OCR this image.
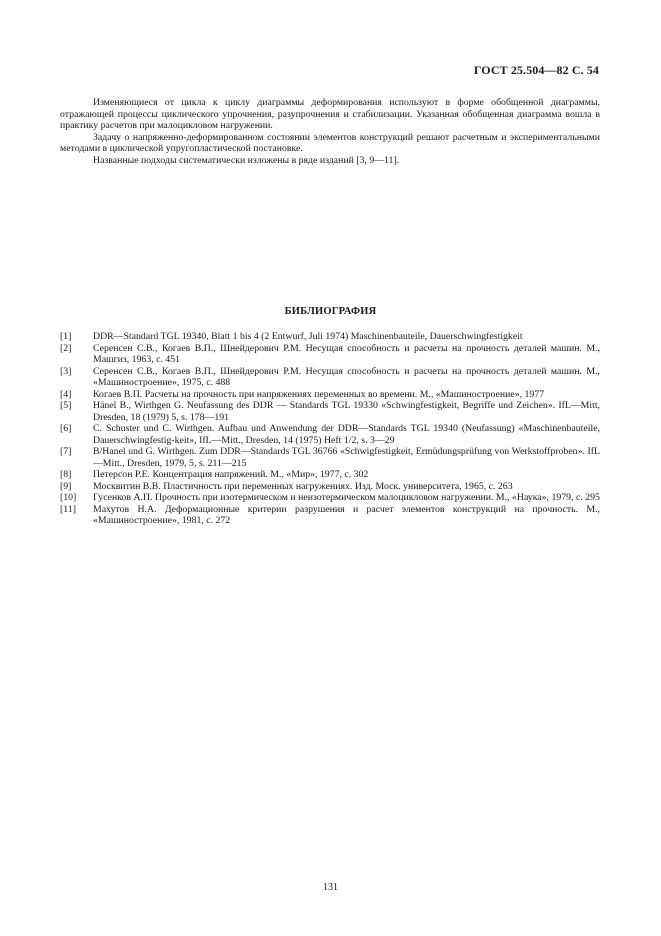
ГОСТ 25.504—82 С. 54

Изменяющиеся от цикла к циклу диаграммы деформирования используют в форме обобщенной диаграммы, отражающей процессы циклического упрочнения, разупрочнения и стабилизации. Указанная обобщенная диаграмма вошла в практику расчетов при малоцикловом нагружении.

Задачу о напряженно-деформированном состоянии элементов конструкций решают расчетным и экспериментальными методами в циклической упругопластической постановке.

Названные подходы систематически изложены в ряде изданий [3, 9—11].

БИБЛИОГРАФИЯ
[1]	DDR—Standard TGL 19340, Blatt 1 bis 4 (2 Entwurf, Juli 1974) Maschinenbauteile, Dauerschwingfestigkeit
[2]	Серенсен С.В., Когаев В.П., Шнейдерович Р.М. Несущая способность и расчеты на прочность деталей машин. М., Машгиз, 1963, с. 451
[3]	Серенсен С.В., Когаев В.П., Шнейдерович Р.М. Несущая способность и расчеты на прочность деталей машин. М., «Машиностроение», 1975, с. 488
[4]	Когаев В.П. Расчеты на прочность при напряжениях переменных во времени. М., «Машиностроение», 1977
[5]	Hänel B., Wirthgen G. Neufassung des DDR — Standards TGL 19330 «Schwingfestigkeit, Begriffe und Zeichen». IfL—Mitt, Dresden, 18 (1979) 5, s. 178—191
[6]	C. Schuster und C. Wirthgen. Aufbau und Anwendung der DDR—Standards TGL 19340 (Neufassung) «Maschinenbauteile, Dauerschwingfestig-keit», IfL—Mitt., Dresden, 14 (1975) Heft 1/2, s. 3—29
[7]	B/Hanel und G. Wirthgen. Zum DDR—Standards TGL 36766 «Schwigfestigkeit, Ermüdungsprüfung von Werkstoffproben». IfL—Mitt., Dresden, 1979, 5, s. 211—215
[8]	Петерсон Р.Е. Концентрация напряжений. М., «Мир», 1977, с. 302
[9]	Москвитин В.В. Пластичность при переменных нагружениях. Изд. Моск. университета, 1965, с. 263
[10]	Гусенков А.П. Прочность при изотермическом и неизотермическом малоцикловом нагружении. М., «Наука», 1979, с. 295
[11]	Махутов Н.А. Деформационные критерии разрушения и расчет элементов конструкций на прочность. М., «Машиностроение», 1981, с. 272
131
